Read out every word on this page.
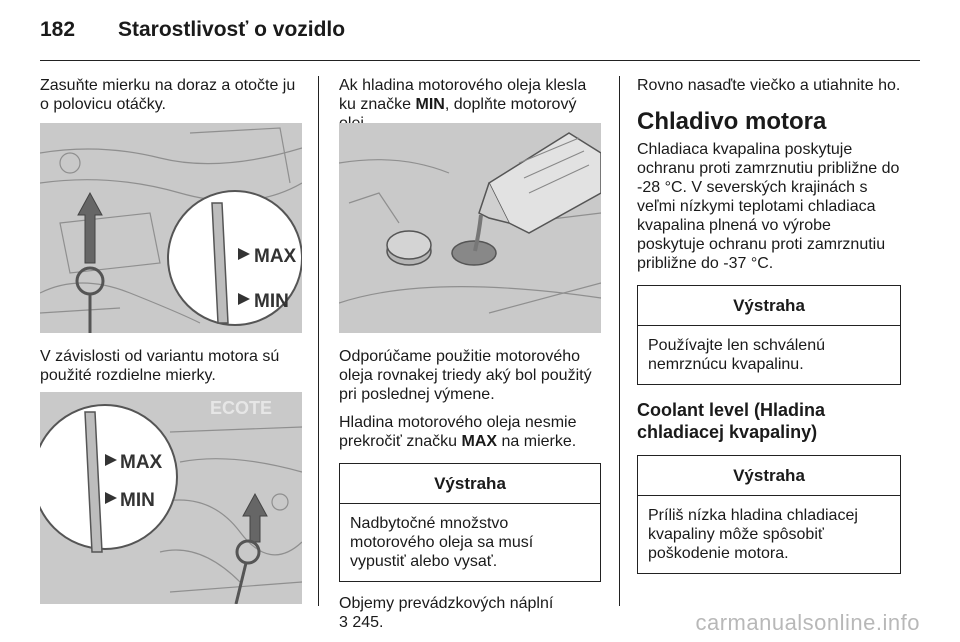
182 Starostlivosť o vozidlo

Zasuňte mierku na doraz a otočte ju o polovicu otáčky.

MAX
MIN

V závislosti od variantu motora sú použité rozdielne mierky.

ECOTE
MAX
MIN

Ak hladina motorového oleja klesla ku značke MIN, doplňte motorový

Odporúčame použitie motorového oleja rovnakej triedy aký bol použitý pri poslednej výmene.

Hladina motorového oleja nesmie prekročiť značku MAX na mierke.

Výstraha
Nadbytočné množstvo motorového oleja sa musí vypustiť alebo vysať.

Objemy prevádzkových náplní
3 245.

Rovno nasaďte viečko a utiahnite ho.

Chladivo motora

Chladiaca kvapalina poskytuje ochranu proti zamrznutiu približne do -28 °C. V severských krajinách s veľmi nízkymi teplotami chladiaca kvapalina plnená vo výrobe poskytuje ochranu proti zamrznutiu približne do -37 °C.

Výstraha
Používajte len schválenú nemrznúcu kvapalinu.
Coolant level (Hladina chladiacej kvapaliny)
Výstraha
Príliš nízka hladina chladiacej kvapaliny môže spôsobiť poškodenie motora.
carmanualsonline.info
